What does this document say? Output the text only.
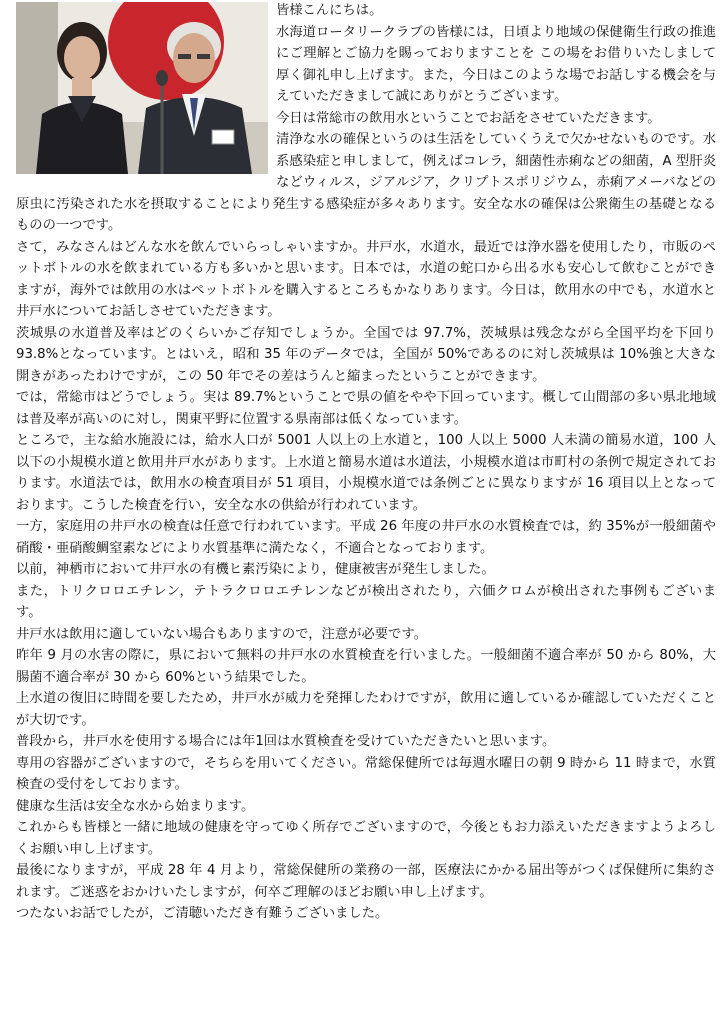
皆様こんにちは。

水海道ロータリークラブの皆様には，日頃より地域の保健衛生行政の推進にご理解とご協力を賜っておりますことを この場をお借りいたしまして厚く御礼申し上げます。また，今日はこのような場でお話しする機会を与えていただきまして誠にありがとうございます。

今日は常総市の飲用水ということでお話をさせていただきます。

清浄な水の確保というのは生活をしていくうえで欠かせないものです。水系感染症と申しまして，例えばコレラ，細菌性赤痢などの細菌，A 型肝炎などウィルス，ジアルジア，クリプトスポリジウム，赤痢アメーバなどの原虫に汚染された水を摂取することにより発生する感染症が多々あります。安全な水の確保は公衆衛生の基礎となるものの一つです。

さて，みなさんはどんな水を飲んでいらっしゃいますか。井戸水，水道水，最近では浄水器を使用したり，市販のペットボトルの水を飲まれている方も多いかと思います。日本では，水道の蛇口から出る水も安心して飲むことができますが，海外では飲用の水はペットボトルを購入するところもかなりあります。今日は，飲用水の中でも，水道水と井戸水についてお話しさせていただきます。

茨城県の水道普及率はどのくらいかご存知でしょうか。全国では 97.7%，茨城県は残念ながら全国平均を下回り 93.8%となっています。とはいえ，昭和 35 年のデータでは，全国が 50%であるのに対し茨城県は 10%強と大きな開きがあったわけですが，この 50 年でその差はうんと縮まったということができます。

では，常総市はどうでしょう。実は 89.7%ということで県の値をやや下回っています。概して山間部の多い県北地域は普及率が高いのに対し，関東平野に位置する県南部は低くなっています。

ところで，主な給水施設には，給水人口が 5001 人以上の上水道と，100 人以上 5000 人未満の簡易水道，100 人以下の小規模水道と飲用井戸水があります。上水道と簡易水道は水道法，小規模水道は市町村の条例で規定されております。水道法では，飲用水の検査項目が 51 項目，小規模水道では条例ごとに異なりますが 16 項目以上となっております。こうした検査を行い，安全な水の供給が行われています。

一方，家庭用の井戸水の検査は任意で行われています。平成 26 年度の井戸水の水質検査では，約 35%が一般細菌や硝酸・亜硝酸鯛窒素などにより水質基準に満たなく，不適合となっております。

以前，神栖市において井戸水の有機ヒ素汚染により，健康被害が発生しました。

また，トリクロロエチレン，テトラクロロエチレンなどが検出されたり，六価クロムが検出された事例もございます。

井戸水は飲用に適していない場合もありますので，注意が必要です。

昨年 9 月の水害の際に，県において無料の井戸水の水質検査を行いました。一般細菌不適合率が 50 から 80%，大腸菌不適合率が 30 から 60%という結果でした。

上水道の復旧に時間を要したため，井戸水が威力を発揮したわけですが，飲用に適しているか確認していただくことが大切です。

普段から，井戸水を使用する場合には年1回は水質検査を受けていただきたいと思います。

専用の容器がございますので，そちらを用いてください。常総保健所では毎週水曜日の朝 9 時から 11 時まで，水質検査の受付をしております。

健康な生活は安全な水から始まります。

これからも皆様と一緒に地域の健康を守ってゆく所存でございますので，今後ともお力添えいただきますようよろしくお願い申し上げます。

最後になりますが，平成 28 年 4 月より，常総保健所の業務の一部，医療法にかかる届出等がつくば保健所に集約されます。ご迷惑をおかけいたしますが，何卒ご理解のほどお願い申し上げます。

つたないお話でしたが，ご清聴いただき有難うございました。
